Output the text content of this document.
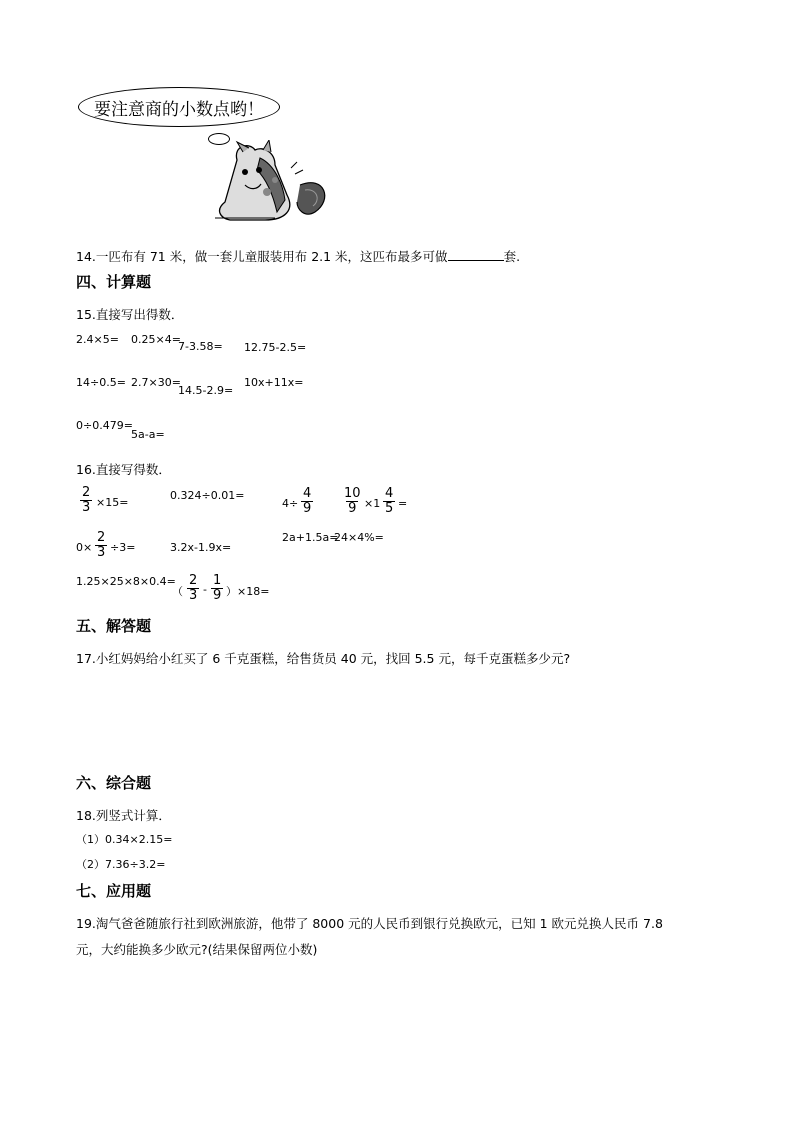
要注意商的小数点哟！
14.一匹布有 71 米，做一套儿童服装用布 2.1 米，这匹布最多可做	套.
四、计算题
15.直接写出得数．
2.4×5= 0.25×4=
7-3.58= 12.75-2.5=
14÷0.5= 2.7×30=
14.5-2.9=
10x+11x=
0÷0.479=
5a-a=
16.直接写得数．
$\frac{2}{3} \times 15=$
0.324÷0.01=
$4\div \frac{4}{9} \frac{10}{9} \times 1 \frac{4}{5}$ =
$0\times \frac{2}{3} \div 3=$	3.2x-1.9x=
2a+1.5a=
24×4%=
1.25×25×8×0.4=
（ $\frac{2}{3} - \frac{1}{9} )\times 18=$
五、解答题
17.小红妈妈给小红买了 6 千克蛋糕，给售货员 40 元，找回 5.5 元，每千克蛋糕多少元?
六、综合题
18.列竖式计算．
（1）0.34×2.15=
（2）7.36÷3.2=
七、应用题
19.淘气爸爸随旅行社到欧洲旅游，他带了 8000 元的人民币到银行兑换欧元，已知 1 欧元兑换人民币 7.8
元，大约能换多少欧元?(结果保留两位小数)
